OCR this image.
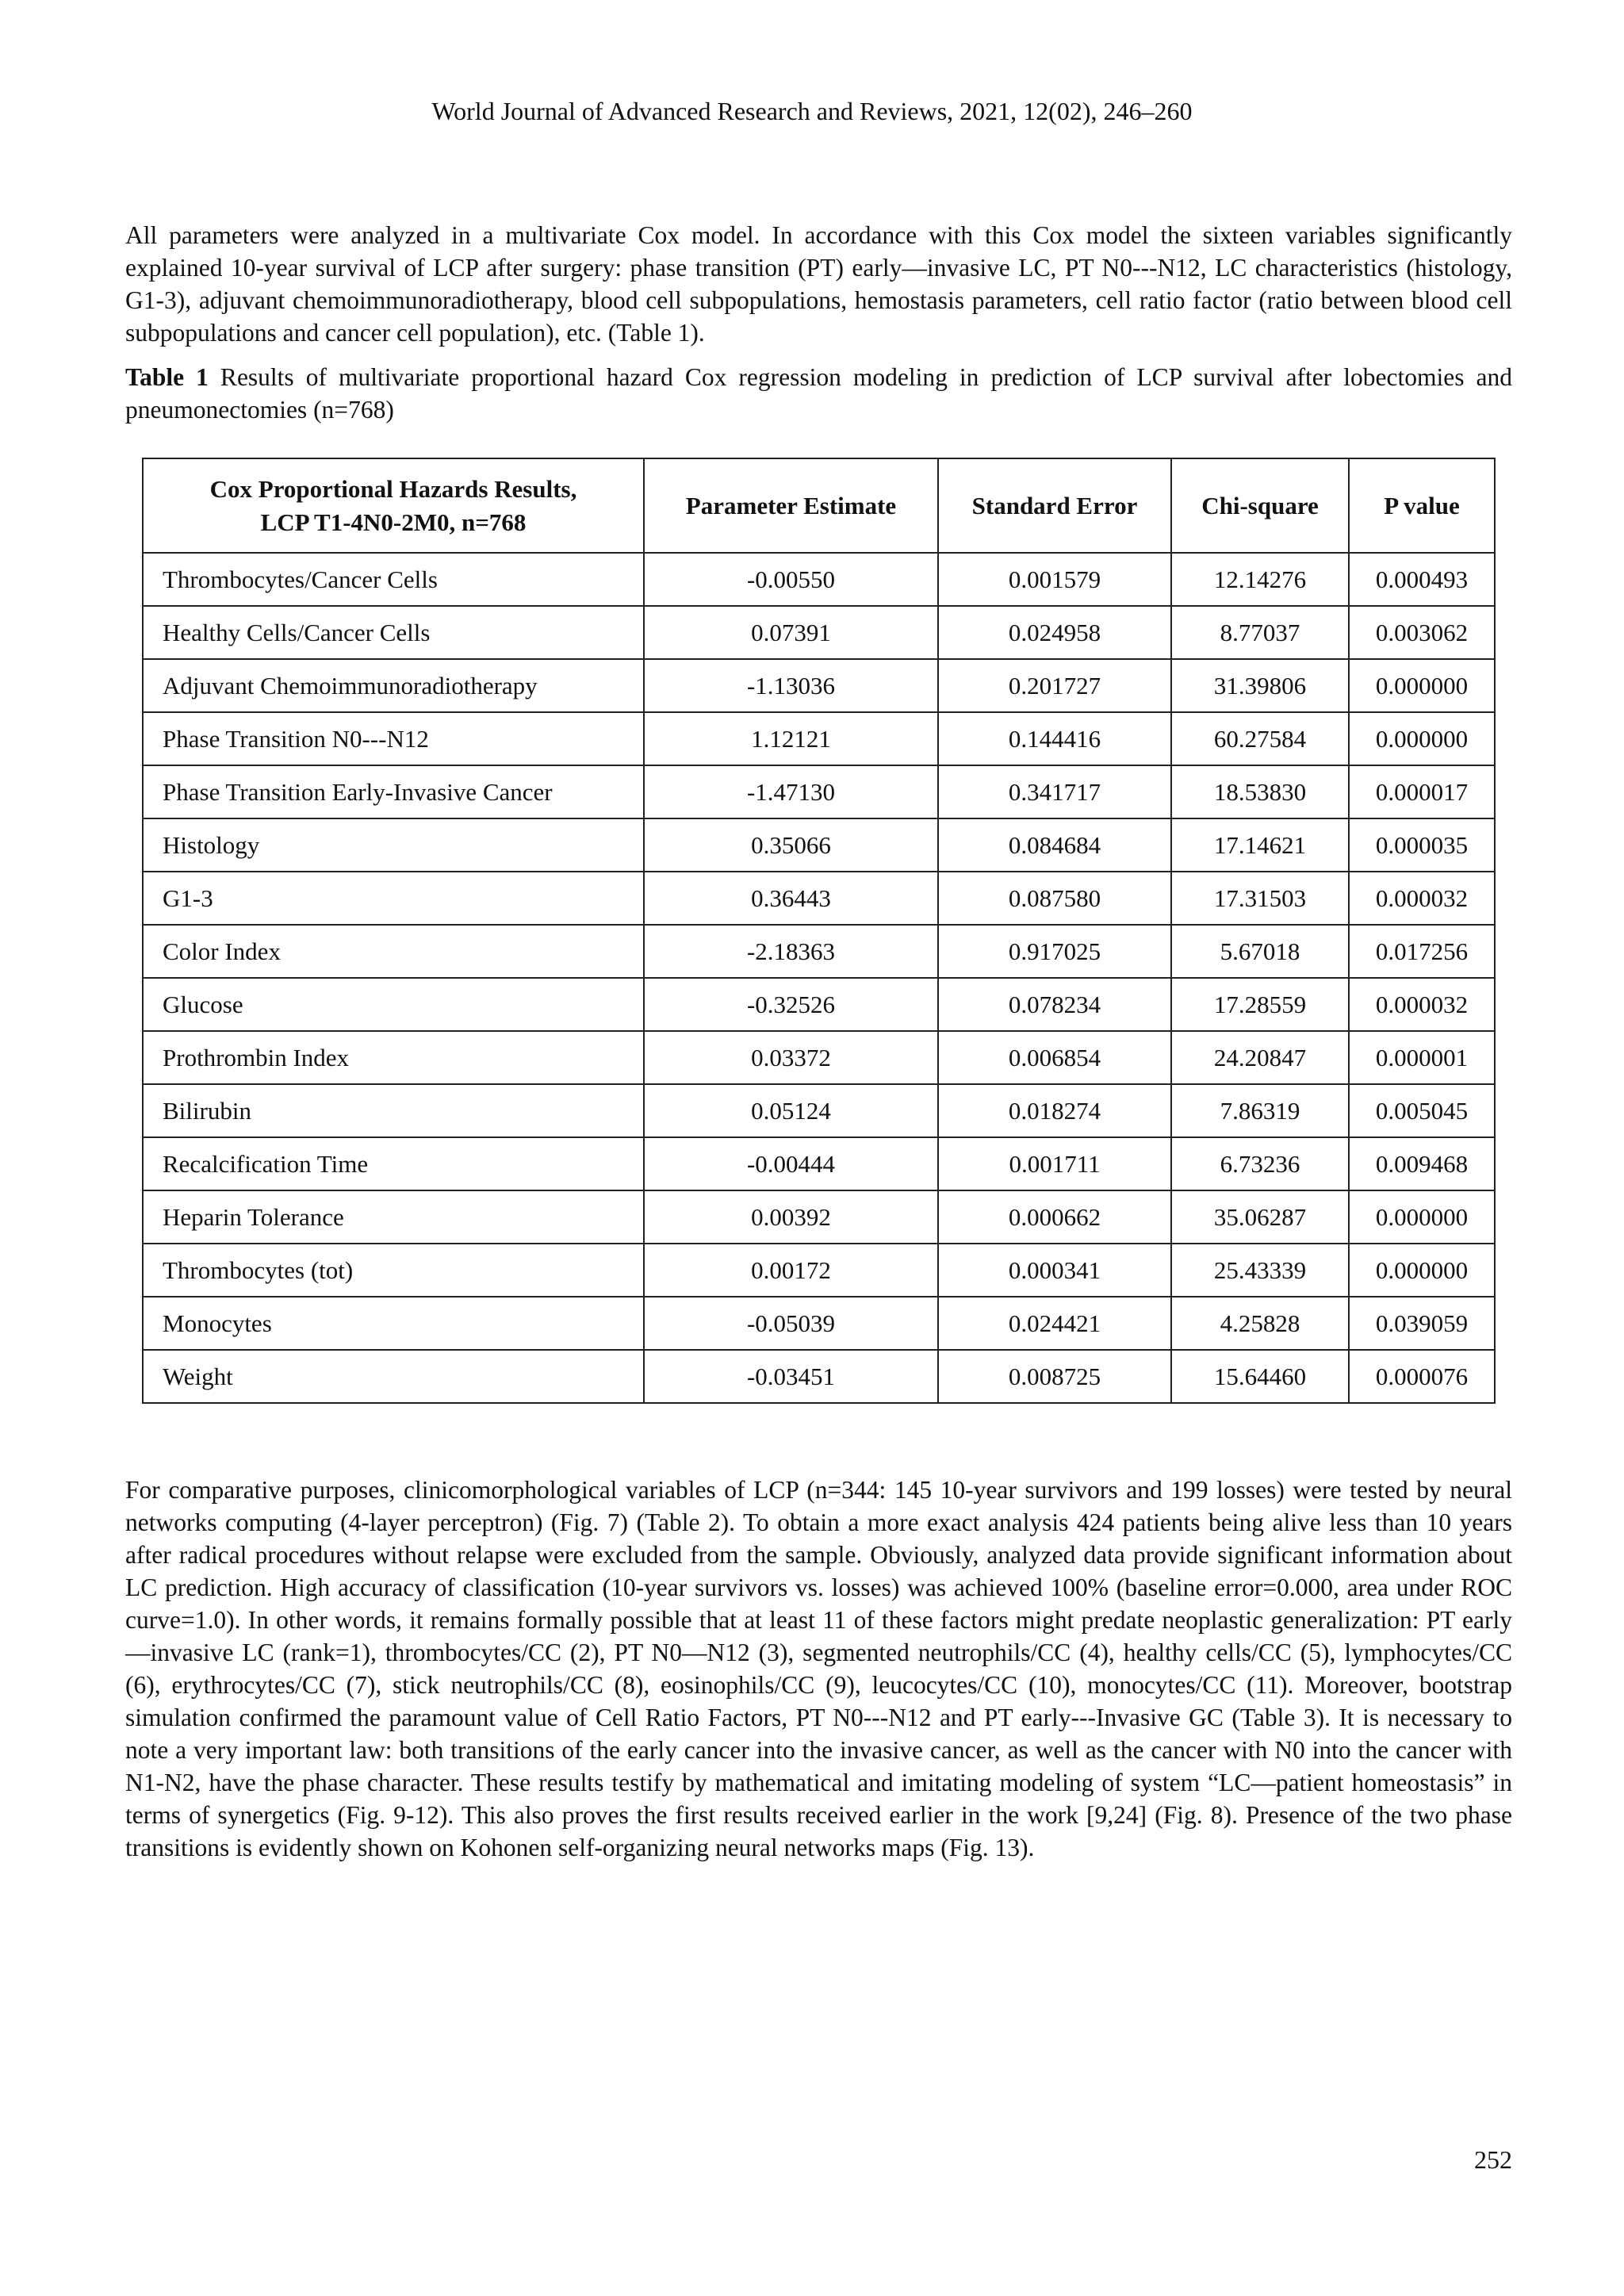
World Journal of Advanced Research and Reviews, 2021, 12(02), 246–260

All parameters were analyzed in a multivariate Cox model. In accordance with this Cox model the sixteen variables significantly explained 10-year survival of LCP after surgery: phase transition (PT) early—invasive LC, PT N0---N12, LC characteristics (histology, G1-3), adjuvant chemoimmunoradiotherapy, blood cell subpopulations, hemostasis parameters, cell ratio factor (ratio between blood cell subpopulations and cancer cell population), etc. (Table 1).

Table 1 Results of multivariate proportional hazard Cox regression modeling in prediction of LCP survival after lobectomies and pneumonectomies (n=768)

Cox Proportional Hazards Results,
LCP T1-4N0-2M0, n=768	Parameter Estimate	Standard Error	Chi-square	P value
Thrombocytes/Cancer Cells	-0.00550	0.001579	12.14276	0.000493
Healthy Cells/Cancer Cells	0.07391	0.024958	8.77037	0.003062
Adjuvant Chemoimmunoradiotherapy	-1.13036	0.201727	31.39806	0.000000
Phase Transition N0---N12	1.12121	0.144416	60.27584	0.000000
Phase Transition Early-Invasive Cancer	-1.47130	0.341717	18.53830	0.000017
Histology	0.35066	0.084684	17.14621	0.000035
G1-3	0.36443	0.087580	17.31503	0.000032
Color Index	-2.18363	0.917025	5.67018	0.017256
Glucose	-0.32526	0.078234	17.28559	0.000032
Prothrombin Index	0.03372	0.006854	24.20847	0.000001
Bilirubin	0.05124	0.018274	7.86319	0.005045
Recalcification Time	-0.00444	0.001711	6.73236	0.009468
Heparin Tolerance	0.00392	0.000662	35.06287	0.000000
Thrombocytes (tot)	0.00172	0.000341	25.43339	0.000000
Monocytes	-0.05039	0.024421	4.25828	0.039059
Weight	-0.03451	0.008725	15.64460	0.000076

For comparative purposes, clinicomorphological variables of LCP (n=344: 145 10-year survivors and 199 losses) were tested by neural networks computing (4-layer perceptron) (Fig. 7) (Table 2). To obtain a more exact analysis 424 patients being alive less than 10 years after radical procedures without relapse were excluded from the sample. Obviously, analyzed data provide significant information about LC prediction. High accuracy of classification (10-year survivors vs. losses) was achieved 100% (baseline error=0.000, area under ROC curve=1.0). In other words, it remains formally possible that at least 11 of these factors might predate neoplastic generalization: PT early—invasive LC (rank=1), thrombocytes/CC (2), PT N0—N12 (3), segmented neutrophils/CC (4), healthy cells/CC (5), lymphocytes/CC (6), erythrocytes/CC (7), stick neutrophils/CC (8), eosinophils/CC (9), leucocytes/CC (10), monocytes/CC (11). Moreover, bootstrap simulation confirmed the paramount value of Cell Ratio Factors, PT N0---N12 and PT early---Invasive GC (Table 3). It is necessary to note a very important law: both transitions of the early cancer into the invasive cancer, as well as the cancer with N0 into the cancer with N1-N2, have the phase character. These results testify by mathematical and imitating modeling of system “LC—patient homeostasis” in terms of synergetics (Fig. 9-12). This also proves the first results received earlier in the work [9,24] (Fig. 8). Presence of the two phase transitions is evidently shown on Kohonen self-organizing neural networks maps (Fig. 13).

252
